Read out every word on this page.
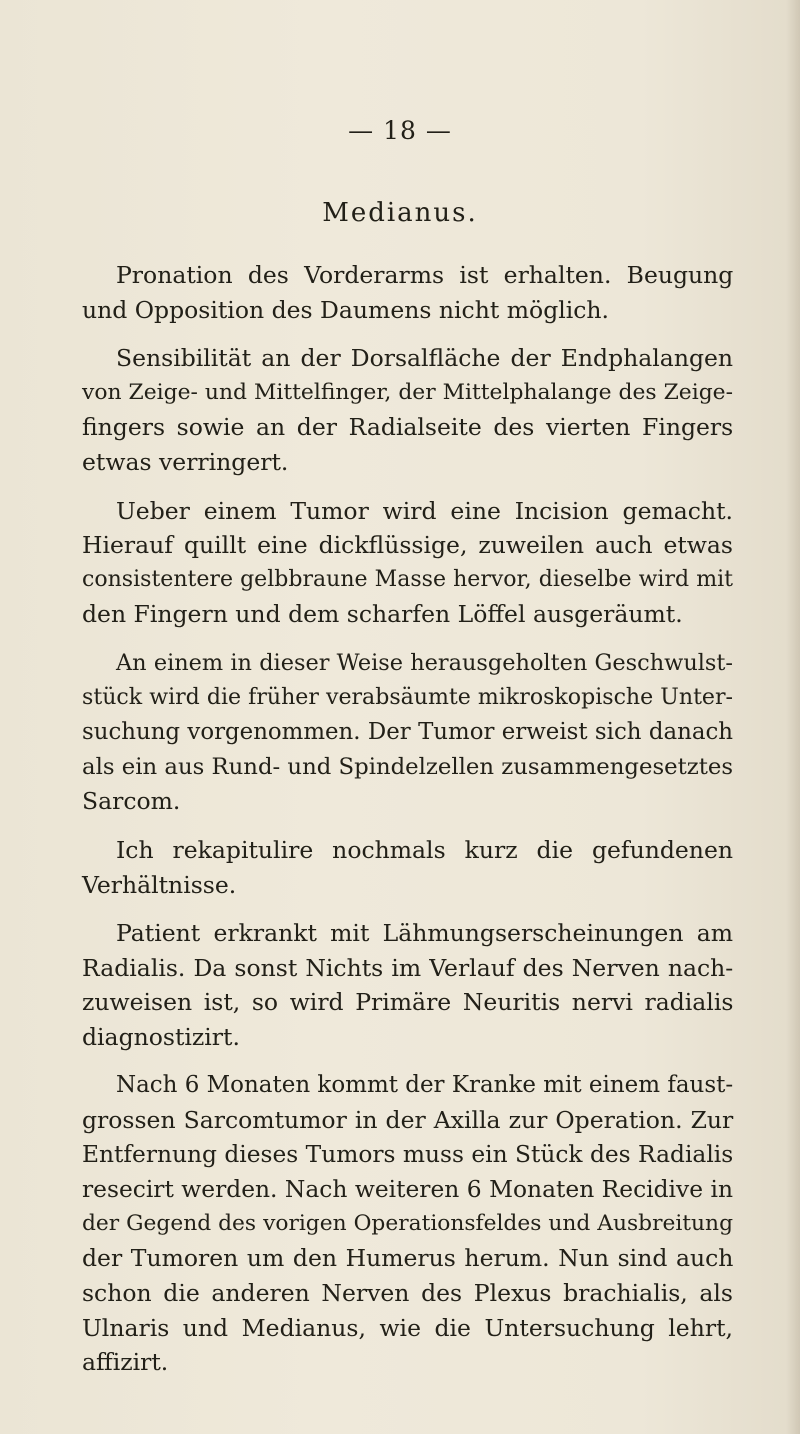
— 18 —
Medianus.

Pronation des Vorderarms ist erhalten. Beugung
und Opposition des Daumens nicht möglich.

Sensibilität an der Dorsalfläche der Endphalangen
von Zeige- und Mittelfinger, der Mittelphalange des Zeige-
fingers sowie an der Radialseite des vierten Fingers
etwas verringert.

Ueber einem Tumor wird eine Incision gemacht.
Hierauf quillt eine dickflüssige, zuweilen auch etwas
consistentere gelbbraune Masse hervor, dieselbe wird mit
den Fingern und dem scharfen Löffel ausgeräumt.

An einem in dieser Weise herausgeholten Geschwulst-
stück wird die früher verabsäumte mikroskopische Unter-
suchung vorgenommen. Der Tumor erweist sich danach
als ein aus Rund- und Spindelzellen zusammengesetztes
Sarcom.

Ich rekapitulire nochmals kurz die gefundenen
Verhältnisse.

Patient erkrankt mit Lähmungserscheinungen am
Radialis. Da sonst Nichts im Verlauf des Nerven nach-
zuweisen ist, so wird Primäre Neuritis nervi radialis
diagnostizirt.

Nach 6 Monaten kommt der Kranke mit einem faust-
grossen Sarcomtumor in der Axilla zur Operation. Zur
Entfernung dieses Tumors muss ein Stück des Radialis
resecirt werden. Nach weiteren 6 Monaten Recidive in
der Gegend des vorigen Operationsfeldes und Ausbreitung
der Tumoren um den Humerus herum. Nun sind auch
schon die anderen Nerven des Plexus brachialis, als
Ulnaris und Medianus, wie die Untersuchung lehrt,
affizirt.
